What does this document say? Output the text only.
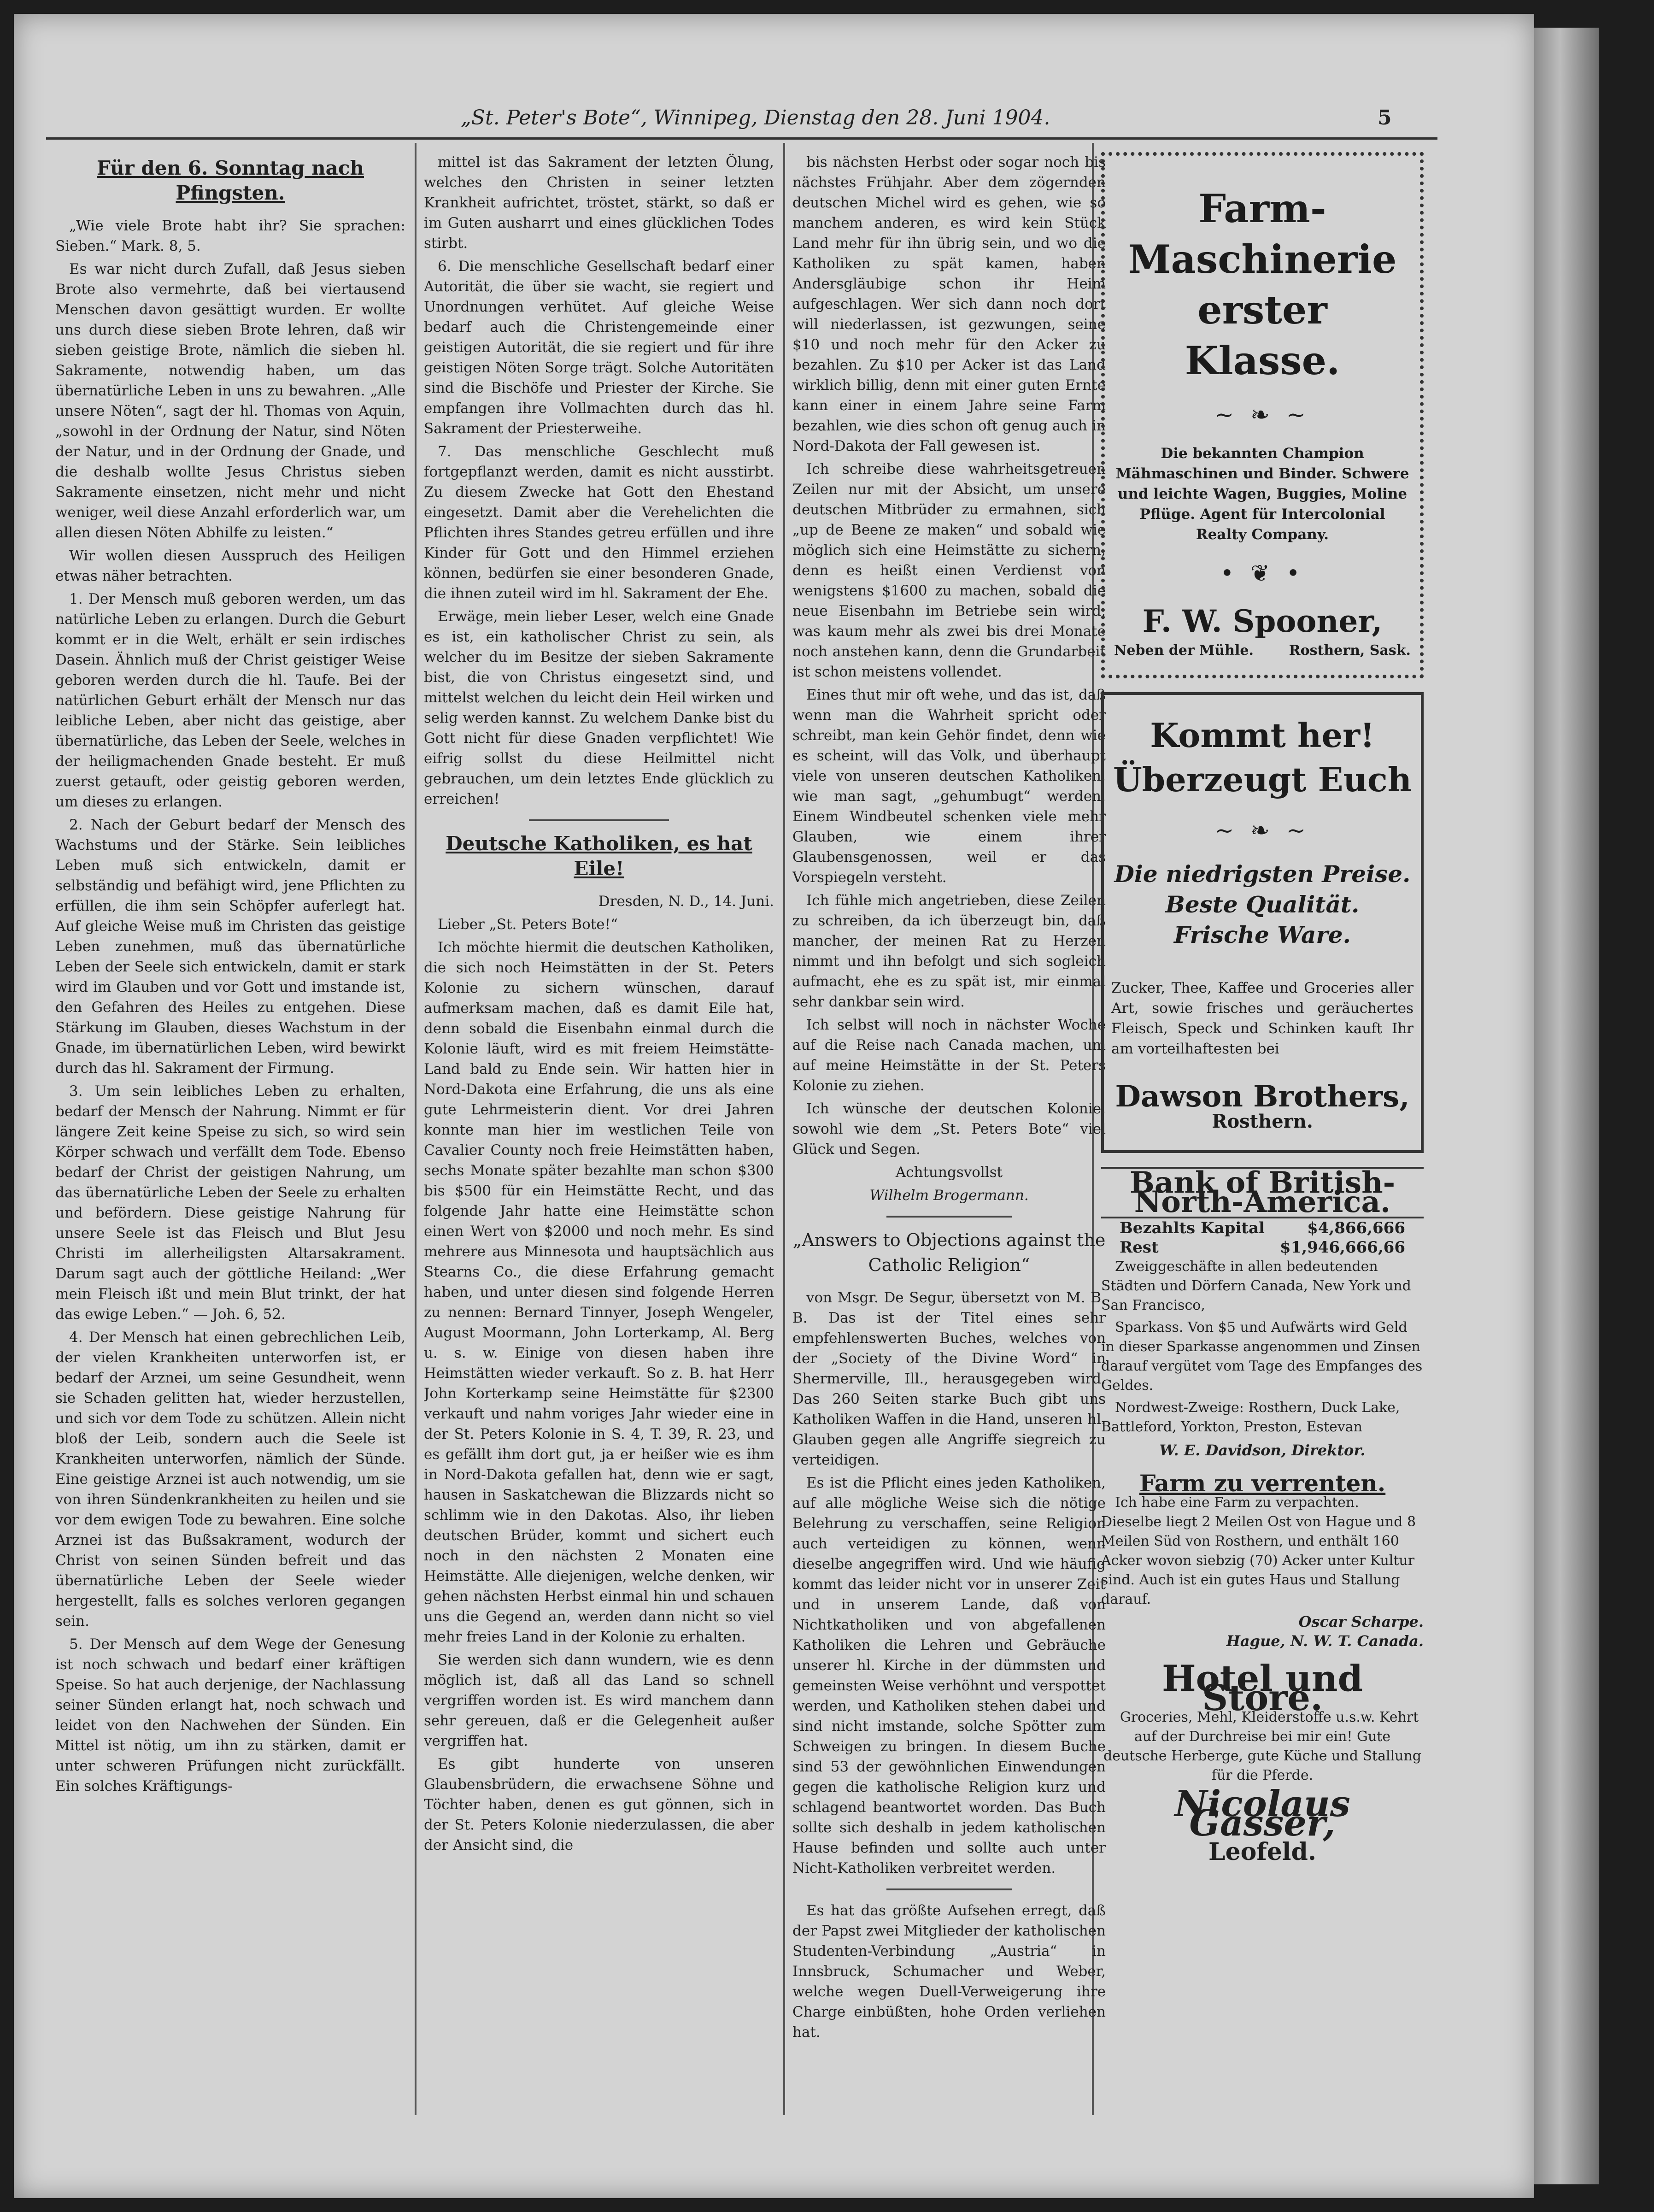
„St. Peter's Bote“, Winnipeg, Dienstag den 28. Juni 1904.	5
Für den 6. Sonntag nach Pfingsten.

„Wie viele Brote habt ihr? Sie sprachen: Sieben.“ Mark. 8, 5.

Es war nicht durch Zufall, daß Jesus sieben Brote also vermehrte, daß bei viertausend Menschen davon gesättigt wurden. Er wollte uns durch diese sieben Brote lehren, daß wir sieben geistige Brote, nämlich die sieben hl. Sakramente, notwendig haben, um das übernatürliche Leben in uns zu bewahren. „Alle unsere Nöten“, sagt der hl. Thomas von Aquin, „sowohl in der Ordnung der Natur, sind Nöten der Natur, und in der Ordnung der Gnade, und die deshalb wollte Jesus Christus sieben Sakramente einsetzen, nicht mehr und nicht weniger, weil diese Anzahl erforderlich war, um allen diesen Nöten Abhilfe zu leisten.“

Wir wollen diesen Ausspruch des Heiligen etwas näher betrachten.

1. Der Mensch muß geboren werden, um das natürliche Leben zu erlangen. Durch die Geburt kommt er in die Welt, erhält er sein irdisches Dasein. Ähnlich muß der Christ geistiger Weise geboren werden durch die hl. Taufe. Bei der natürlichen Geburt erhält der Mensch nur das leibliche Leben, aber nicht das geistige, aber übernatürliche, das Leben der Seele, welches in der heiligmachenden Gnade besteht. Er muß zuerst getauft, oder geistig geboren werden, um dieses zu erlangen.

2. Nach der Geburt bedarf der Mensch des Wachstums und der Stärke. Sein leibliches Leben muß sich entwickeln, damit er selbständig und befähigt wird, jene Pflichten zu erfüllen, die ihm sein Schöpfer auferlegt hat. Auf gleiche Weise muß im Christen das geistige Leben zunehmen, muß das übernatürliche Leben der Seele sich entwickeln, damit er stark wird im Glauben und vor Gott und imstande ist, den Gefahren des Heiles zu entgehen. Diese Stärkung im Glauben, dieses Wachstum in der Gnade, im übernatürlichen Leben, wird bewirkt durch das hl. Sakrament der Firmung.

3. Um sein leibliches Leben zu erhalten, bedarf der Mensch der Nahrung. Nimmt er für längere Zeit keine Speise zu sich, so wird sein Körper schwach und verfällt dem Tode. Ebenso bedarf der Christ der geistigen Nahrung, um das übernatürliche Leben der Seele zu erhalten und befördern. Diese geistige Nahrung für unsere Seele ist das Fleisch und Blut Jesu Christi im allerheiligsten Altarsakrament. Darum sagt auch der göttliche Heiland: „Wer mein Fleisch ißt und mein Blut trinkt, der hat das ewige Leben.“ — Joh. 6, 52.

4. Der Mensch hat einen gebrechlichen Leib, der vielen Krankheiten unterworfen ist, er bedarf der Arznei, um seine Gesundheit, wenn sie Schaden gelitten hat, wieder herzustellen, und sich vor dem Tode zu schützen. Allein nicht bloß der Leib, sondern auch die Seele ist Krankheiten unterworfen, nämlich der Sünde. Eine geistige Arznei ist auch notwendig, um sie von ihren Sündenkrankheiten zu heilen und sie vor dem ewigen Tode zu bewahren. Eine solche Arznei ist das Bußsakrament, wodurch der Christ von seinen Sünden befreit und das übernatürliche Leben der Seele wieder hergestellt, falls es solches verloren gegangen sein.

5. Der Mensch auf dem Wege der Genesung ist noch schwach und bedarf einer kräftigen Speise. So hat auch derjenige, der Nachlassung seiner Sünden erlangt hat, noch schwach und leidet von den Nachwehen der Sünden. Ein Mittel ist nötig, um ihn zu stärken, damit er unter schweren Prüfungen nicht zurückfällt. Ein solches Kräftigungs-

mittel ist das Sakrament der letzten Ölung, welches den Christen in seiner letzten Krankheit aufrichtet, tröstet, stärkt, so daß er im Guten ausharrt und eines glücklichen Todes stirbt.

6. Die menschliche Gesellschaft bedarf einer Autorität, die über sie wacht, sie regiert und Unordnungen verhütet. Auf gleiche Weise bedarf auch die Christengemeinde einer geistigen Autorität, die sie regiert und für ihre geistigen Nöten Sorge trägt. Solche Autoritäten sind die Bischöfe und Priester der Kirche. Sie empfangen ihre Vollmachten durch das hl. Sakrament der Priesterweihe.

7. Das menschliche Geschlecht muß fortgepflanzt werden, damit es nicht ausstirbt. Zu diesem Zwecke hat Gott den Ehestand eingesetzt. Damit aber die Verehelichten die Pflichten ihres Standes getreu erfüllen und ihre Kinder für Gott und den Himmel erziehen können, bedürfen sie einer besonderen Gnade, die ihnen zuteil wird im hl. Sakrament der Ehe.

Erwäge, mein lieber Leser, welch eine Gnade es ist, ein katholischer Christ zu sein, als welcher du im Besitze der sieben Sakramente bist, die von Christus eingesetzt sind, und mittelst welchen du leicht dein Heil wirken und selig werden kannst. Zu welchem Danke bist du Gott nicht für diese Gnaden verpflichtet! Wie eifrig sollst du diese Heilmittel nicht gebrauchen, um dein letztes Ende glücklich zu erreichen!

Deutsche Katholiken, es hat Eile!

Dresden, N. D., 14. Juni.

Lieber „St. Peters Bote!“

Ich möchte hiermit die deutschen Katholiken, die sich noch Heimstätten in der St. Peters Kolonie zu sichern wünschen, darauf aufmerksam machen, daß es damit Eile hat, denn sobald die Eisenbahn einmal durch die Kolonie läuft, wird es mit freiem Heimstätte-Land bald zu Ende sein. Wir hatten hier in Nord-Dakota eine Erfahrung, die uns als eine gute Lehrmeisterin dient. Vor drei Jahren konnte man hier im westlichen Teile von Cavalier County noch freie Heimstätten haben, sechs Monate später bezahlte man schon $300 bis $500 für ein Heimstätte Recht, und das folgende Jahr hatte eine Heimstätte schon einen Wert von $2000 und noch mehr. Es sind mehrere aus Minnesota und hauptsächlich aus Stearns Co., die diese Erfahrung gemacht haben, und unter diesen sind folgende Herren zu nennen: Bernard Tinnyer, Joseph Wengeler, August Moormann, John Lorterkamp, Al. Berg u. s. w. Einige von diesen haben ihre Heimstätten wieder verkauft. So z. B. hat Herr John Korterkamp seine Heimstätte für $2300 verkauft und nahm voriges Jahr wieder eine in der St. Peters Kolonie in S. 4, T. 39, R. 23, und es gefällt ihm dort gut, ja er heißer wie es ihm in Nord-Dakota gefallen hat, denn wie er sagt, hausen in Saskatchewan die Blizzards nicht so schlimm wie in den Dakotas. Also, ihr lieben deutschen Brüder, kommt und sichert euch noch in den nächsten 2 Monaten eine Heimstätte. Alle diejenigen, welche denken, wir gehen nächsten Herbst einmal hin und schauen uns die Gegend an, werden dann nicht so viel mehr freies Land in der Kolonie zu erhalten.

Sie werden sich dann wundern, wie es denn möglich ist, daß all das Land so schnell vergriffen worden ist. Es wird manchem dann sehr gereuen, daß er die Gelegenheit außer vergriffen hat.

Es gibt hunderte von unseren Glaubensbrüdern, die erwachsene Söhne und Töchter haben, denen es gut gönnen, sich in der St. Peters Kolonie niederzulassen, die aber der Ansicht sind, die

bis nächsten Herbst oder sogar noch bis nächstes Frühjahr. Aber dem zögernden deutschen Michel wird es gehen, wie so manchem anderen, es wird kein Stück Land mehr für ihn übrig sein, und wo die Katholiken zu spät kamen, haben Andersgläubige schon ihr Heim aufgeschlagen. Wer sich dann noch dort will niederlassen, ist gezwungen, seine $10 und noch mehr für den Acker zu bezahlen. Zu $10 per Acker ist das Land wirklich billig, denn mit einer guten Ernte kann einer in einem Jahre seine Farm bezahlen, wie dies schon oft genug auch in Nord-Dakota der Fall gewesen ist.

Ich schreibe diese wahrheitsgetreuen Zeilen nur mit der Absicht, um unsere deutschen Mitbrüder zu ermahnen, sich „up de Beene ze maken“ und sobald wie möglich sich eine Heimstätte zu sichern, denn es heißt einen Verdienst von wenigstens $1600 zu machen, sobald die neue Eisenbahn im Betriebe sein wird, was kaum mehr als zwei bis drei Monate noch anstehen kann, denn die Grundarbeit ist schon meistens vollendet.

Eines thut mir oft wehe, und das ist, daß wenn man die Wahrheit spricht oder schreibt, man kein Gehör findet, denn wie es scheint, will das Volk, und überhaupt viele von unseren deutschen Katholiken, wie man sagt, „gehumbugt“ werden. Einem Windbeutel schenken viele mehr Glauben, wie einem ihrer Glaubensgenossen, weil er das Vorspiegeln versteht.

Ich fühle mich angetrieben, diese Zeilen zu schreiben, da ich überzeugt bin, daß mancher, der meinen Rat zu Herzen nimmt und ihn befolgt und sich sogleich aufmacht, ehe es zu spät ist, mir einmal sehr dankbar sein wird.

Ich selbst will noch in nächster Woche auf die Reise nach Canada machen, um auf meine Heimstätte in der St. Peters Kolonie zu ziehen.

Ich wünsche der deutschen Kolonie, sowohl wie dem „St. Peters Bote“ viel Glück und Segen.

Achtungsvollst

Wilhelm Brogermann.

„Answers to Objections against the Catholic Religion“

von Msgr. De Segur, übersetzt von M. B. B. Das ist der Titel eines sehr empfehlenswerten Buches, welches von der „Society of the Divine Word“ in Shermerville, Ill., herausgegeben wird. Das 260 Seiten starke Buch gibt uns Katholiken Waffen in die Hand, unseren hl. Glauben gegen alle Angriffe siegreich zu verteidigen.

Es ist die Pflicht eines jeden Katholiken, auf alle mögliche Weise sich die nötige Belehrung zu verschaffen, seine Religion auch verteidigen zu können, wenn dieselbe angegriffen wird. Und wie häufig kommt das leider nicht vor in unserer Zeit und in unserem Lande, daß von Nichtkatholiken und von abgefallenen Katholiken die Lehren und Gebräuche unserer hl. Kirche in der dümmsten und gemeinsten Weise verhöhnt und verspottet werden, und Katholiken stehen dabei und sind nicht imstande, solche Spötter zum Schweigen zu bringen. In diesem Buche sind 53 der gewöhnlichen Einwendungen gegen die katholische Religion kurz und schlagend beantwortet worden. Das Buch sollte sich deshalb in jedem katholischen Hause befinden und sollte auch unter Nicht-Katholiken verbreitet werden.

Es hat das größte Aufsehen erregt, daß der Papst zwei Mitglieder der katholischen Studenten-Verbindung „Austria“ in Innsbruck, Schumacher und Weber, welche wegen Duell-Verweigerung ihre Charge einbüßten, hohe Orden verliehen hat.

Farm-
Maschinerie
erster Klasse.
~ ❧ ~
Die bekannten Champion Mähmaschinen und Binder. Schwere und leichte Wagen, Buggies, Moline Pflüge. Agent für Intercolonial Realty Company.
• ❦ •
F. W. Spooner,
Neben der Mühle.	Rosthern, Sask.
Kommt her!
Überzeugt Euch
~ ❧ ~
Die niedrigsten Preise.
Beste Qualität.
Frische Ware.
Zucker, Thee, Kaffee und Groceries aller Art, sowie frisches und geräuchertes Fleisch, Speck und Schinken kauft Ihr am vorteilhaftesten bei
Dawson Brothers,
Rosthern.
Bank of British-North-America.
Bezahlts Kapital	$4,866,666
Rest	$1,946,666,66

Zweiggeschäfte in allen bedeutenden Städten und Dörfern Canada, New York und San Francisco,

Sparkass. Von $5 und Aufwärts wird Geld in dieser Sparkasse angenommen und Zinsen darauf vergütet vom Tage des Empfanges des Geldes.

Nordwest-Zweige: Rosthern, Duck Lake, Battleford, Yorkton, Preston, Estevan

W. E. Davidson, Direktor.
Farm zu verrenten.

Ich habe eine Farm zu verpachten. Dieselbe liegt 2 Meilen Ost von Hague und 8 Meilen Süd von Rosthern, und enthält 160 Acker wovon siebzig (70) Acker unter Kultur sind. Auch ist ein gutes Haus und Stallung darauf.

Oscar Scharpe.
Hague, N. W. T. Canada.
Hotel und Store.

Groceries, Mehl, Kleiderstoffe u.s.w. Kehrt auf der Durchreise bei mir ein! Gute deutsche Herberge, gute Küche und Stallung für die Pferde.

Nicolaus Gasser,
Leofeld.
